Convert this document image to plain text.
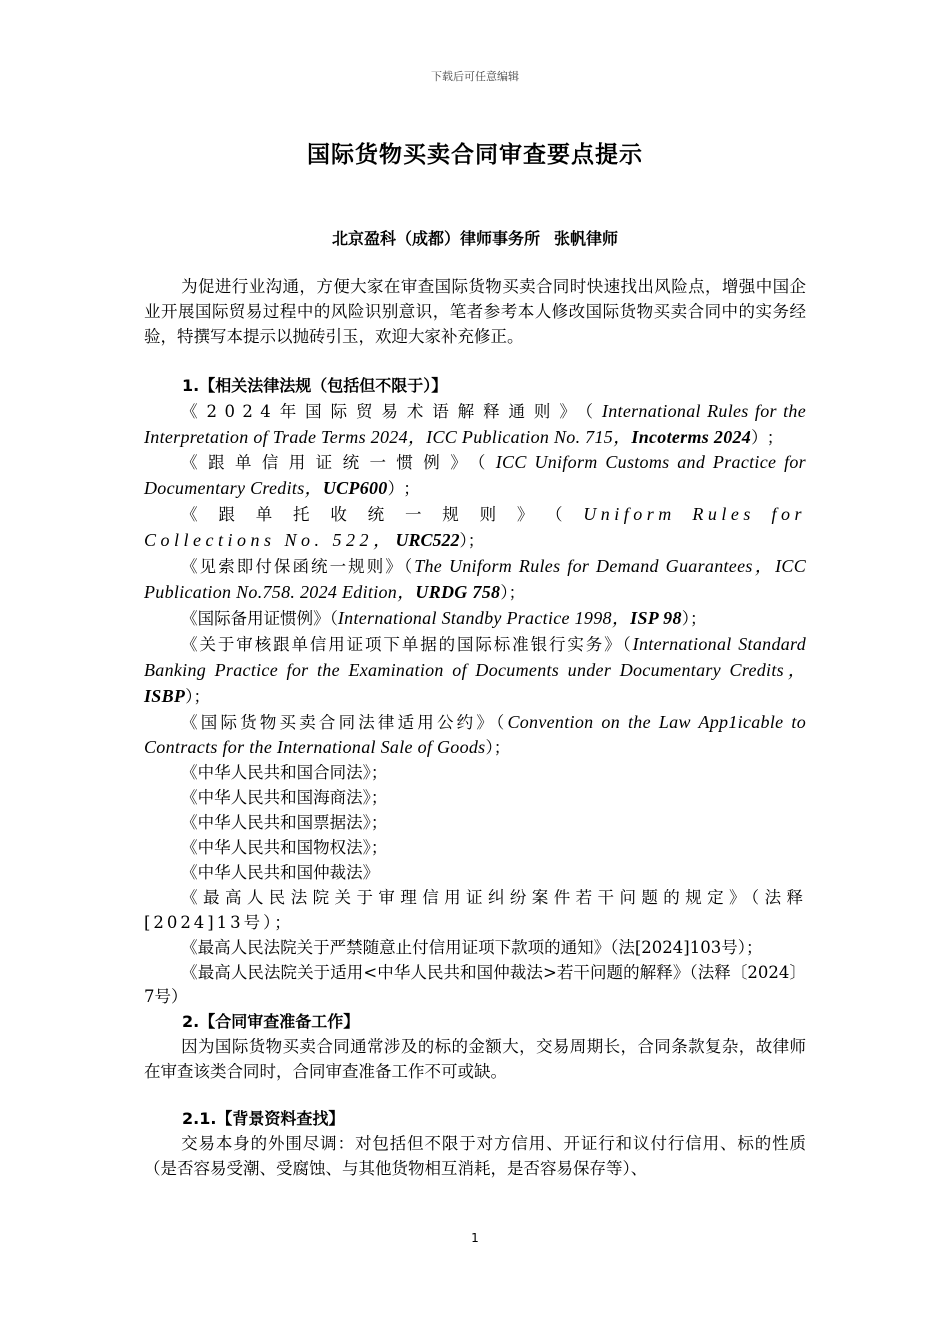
下载后可任意编辑
国际货物买卖合同审查要点提示
北京盈科（成都）律师事务所 张帆律师

为促进行业沟通，方便大家在审查国际货物买卖合同时快速找出风险点，增强中国企业开展国际贸易过程中的风险识别意识，笔者参考本人修改国际货物买卖合同中的实务经验，特撰写本提示以抛砖引玉，欢迎大家补充修正。

1.【相关法律法规（包括但不限于）】

《2024年国际贸易术语解释通则》（International Rules for the Interpretation of Trade Terms 2024，ICC Publication No. 715，Incoterms 2024）；

《跟单信用证统一惯例》（ICC Uniform Customs and Practice for Documentary Credits，UCP600）；

《跟单托收统一规则》（Uniform Rules for Collections No. 522，URC522）；

《见索即付保函统一规则》（The Uniform Rules for Demand Guarantees，ICC Publication No.758. 2024 Edition，URDG 758）；

《国际备用证惯例》（International Standby Practice 1998，ISP 98）；

《关于审核跟单信用证项下单据的国际标准银行实务》（International Standard Banking Practice for the Examination of Documents under Documentary Credits，ISBP）；

《国际货物买卖合同法律适用公约》（Convention on the Law App1icable to Contracts for the International Sale of Goods）；

《中华人民共和国合同法》；

《中华人民共和国海商法》；

《中华人民共和国票据法》；

《中华人民共和国物权法》；

《中华人民共和国仲裁法》

《最高人民法院关于审理信用证纠纷案件若干问题的规定》（法释[2024]13号）；

《最高人民法院关于严禁随意止付信用证项下款项的通知》（法[2024]103号）；

《最高人民法院关于适用<中华人民共和国仲裁法>若干问题的解释》（法释〔2024〕7号）

2.【合同审查准备工作】

因为国际货物买卖合同通常涉及的标的金额大，交易周期长，合同条款复杂，故律师在审查该类合同时，合同审查准备工作不可或缺。

2.1.【背景资料查找】

交易本身的外围尽调：对包括但不限于对方信用、开证行和议付行信用、标的性质（是否容易受潮、受腐蚀、与其他货物相互消耗，是否容易保存等）、

1
